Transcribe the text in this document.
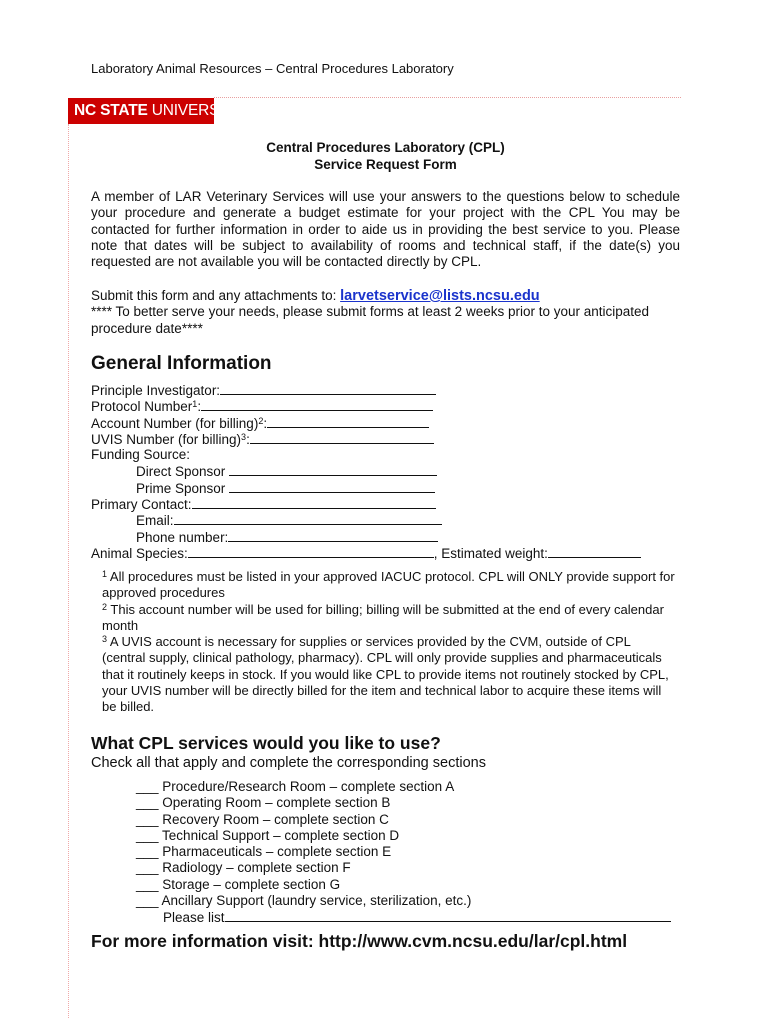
Laboratory Animal Resources – Central Procedures Laboratory
NC STATE UNIVERSITY
Central Procedures Laboratory (CPL)
Service Request Form
A member of LAR Veterinary Services will use your answers to the questions below to schedule your procedure and generate a budget estimate for your project with the CPL You may be contacted for further information in order to aide us in providing the best service to you. Please note that dates will be subject to availability of rooms and technical staff, if the date(s) you requested are not available you will be contacted directly by CPL.
Submit this form and any attachments to: larvetservice@lists.ncsu.edu
**** To better serve your needs, please submit forms at least 2 weeks prior to your anticipated procedure date****
General Information
Principle Investigator:
Protocol Number$^1$:
Account Number (for billing)$^2$:
UVIS Number (for billing)$^3$:
Funding Source:
Direct Sponsor
Prime Sponsor
Primary Contact:
Email:
Phone number:
Animal Species:	, Estimated weight:

$^1$ All procedures must be listed in your approved IACUC protocol. CPL will ONLY provide support for approved procedures

$^2$ This account number will be used for billing; billing will be submitted at the end of every calendar month

$^3$ A UVIS account is necessary for supplies or services provided by the CVM, outside of CPL (central supply, clinical pathology, pharmacy). CPL will only provide supplies and pharmaceuticals that it routinely keeps in stock. If you would like CPL to provide items not routinely stocked by CPL, your UVIS number will be directly billed for the item and technical labor to acquire these items will be billed.

What CPL services would you like to use?
Check all that apply and complete the corresponding sections
___ Procedure/Research Room – complete section A
___ Operating Room – complete section B
___ Recovery Room – complete section C
___ Technical Support – complete section D
___ Pharmaceuticals – complete section E
___ Radiology – complete section F
___ Storage – complete section G
___ Ancillary Support (laundry service, sterilization, etc.)
Please list
For more information visit: http://www.cvm.ncsu.edu/lar/cpl.html
